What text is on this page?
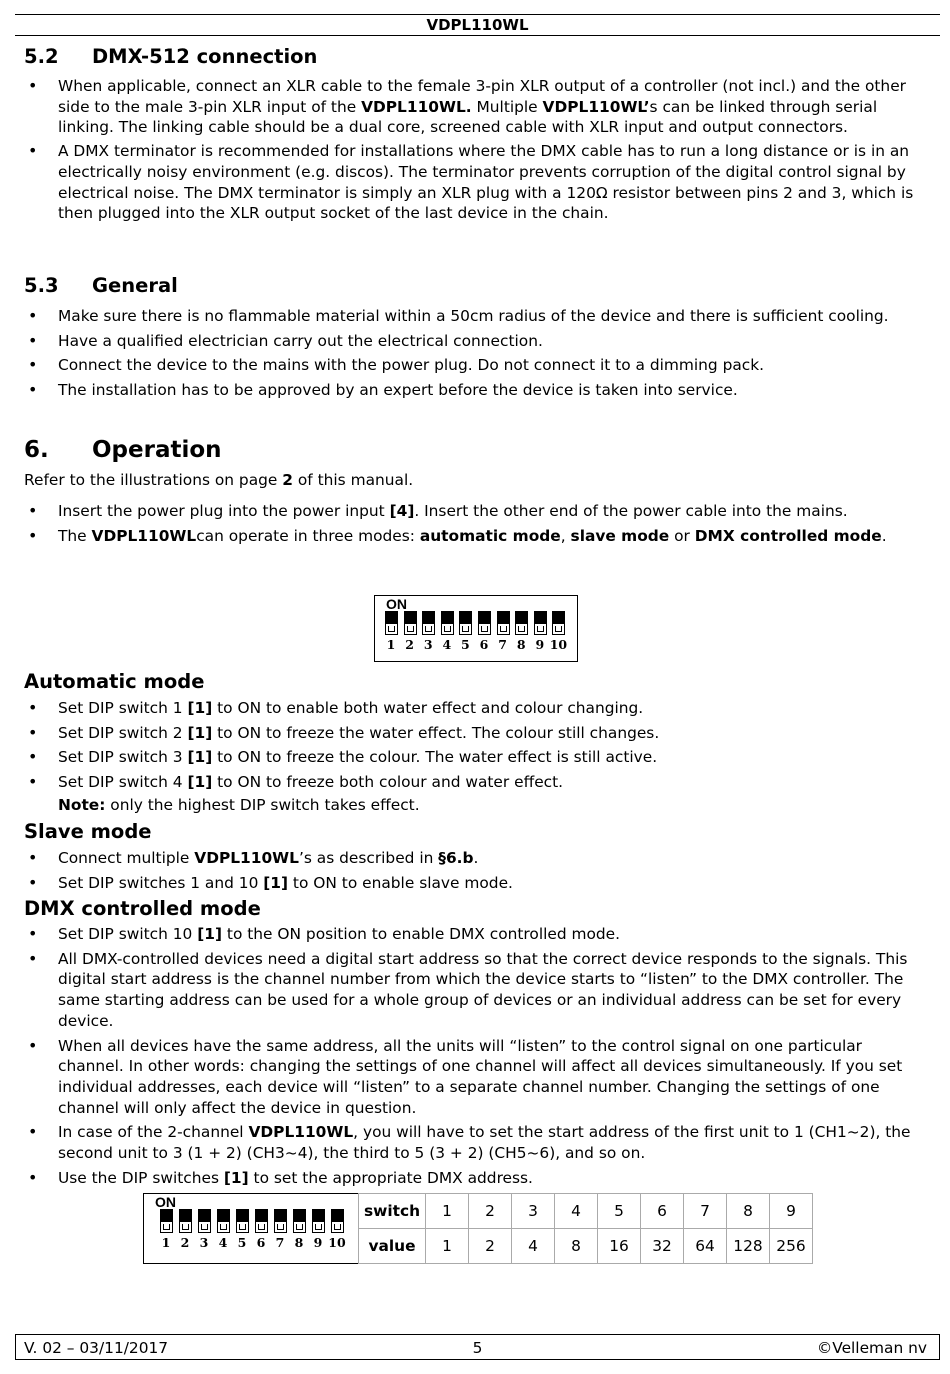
VDPL110WL
5.2 DMX-512 connection
• When applicable, connect an XLR cable to the female 3-pin XLR output of a controller (not incl.) and the other side to the male 3-pin XLR input of the VDPL110WL. Multiple VDPL110WL’s can be linked through serial linking. The linking cable should be a dual core, screened cable with XLR input and output connectors.
• A DMX terminator is recommended for installations where the DMX cable has to run a long distance or is in an electrically noisy environment (e.g. discos). The terminator prevents corruption of the digital control signal by electrical noise. The DMX terminator is simply an XLR plug with a 120Ω resistor between pins 2 and 3, which is then plugged into the XLR output socket of the last device in the chain.
5.3 General
• Make sure there is no flammable material within a 50cm radius of the device and there is sufficient cooling.
• Have a qualified electrician carry out the electrical connection.
• Connect the device to the mains with the power plug. Do not connect it to a dimming pack.
• The installation has to be approved by an expert before the device is taken into service.
6. Operation

Refer to the illustrations on page 2 of this manual.

• Insert the power plug into the power input [4]. Insert the other end of the power cable into the mains.
• The VDPL110WLcan operate in three modes: automatic mode, slave mode or DMX controlled mode.
ON
1 2 3 4 5 6 7 8 9 10
Automatic mode
• Set DIP switch 1 [1] to ON to enable both water effect and colour changing.
• Set DIP switch 2 [1] to ON to freeze the water effect. The colour still changes.
• Set DIP switch 3 [1] to ON to freeze the colour. The water effect is still active.
• Set DIP switch 4 [1] to ON to freeze both colour and water effect.
Note: only the highest DIP switch takes effect.
Slave mode
• Connect multiple VDPL110WL’s as described in §6.b.
• Set DIP switches 1 and 10 [1] to ON to enable slave mode.
DMX controlled mode
• Set DIP switch 10 [1] to the ON position to enable DMX controlled mode.
• All DMX-controlled devices need a digital start address so that the correct device responds to the signals. This digital start address is the channel number from which the device starts to “listen” to the DMX controller. The same starting address can be used for a whole group of devices or an individual address can be set for every device.
• When all devices have the same address, all the units will “listen” to the control signal on one particular channel. In other words: changing the settings of one channel will affect all devices simultaneously. If you set individual addresses, each device will “listen” to a separate channel number. Changing the settings of one channel will only affect the device in question.
• In case of the 2-channel VDPL110WL, you will have to set the start address of the first unit to 1 (CH1~2), the second unit to 3 (1 + 2) (CH3~4), the third to 5 (3 + 2) (CH5~6), and so on.
• Use the DIP switches [1] to set the appropriate DMX address.
ON
1 2 3 4 5 6 7 8 9 10
switch	1	2	3	4	5	6	7	8	9
value	1	2	4	8	16	32	64	128	256
V. 02 – 03/11/2017	5	©Velleman nv
